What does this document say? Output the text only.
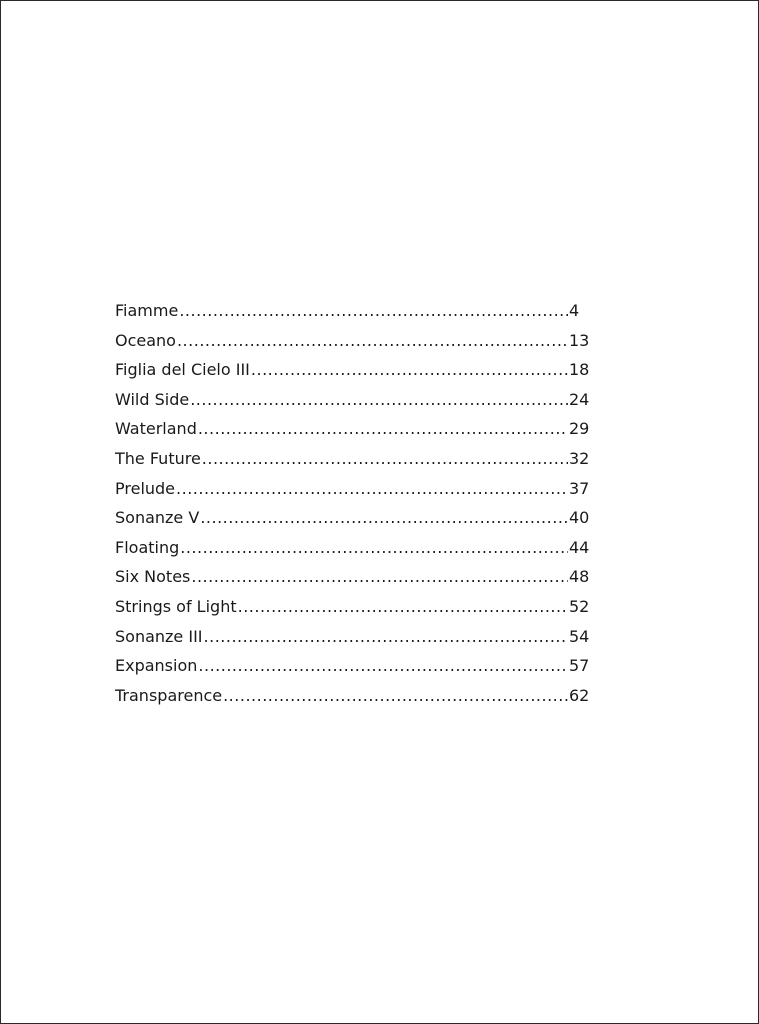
Fiamme .....	4
Oceano .....	13
Figlia del Cielo III .....	18
Wild Side .....	24
Waterland .....	29
The Future .....	32
Prelude .....	37
Sonanze V .....	40
Floating .....	44
Six Notes .....	48
Strings of Light .....	52
Sonanze III .....	54
Expansion .....	57
Transparence .....	62
